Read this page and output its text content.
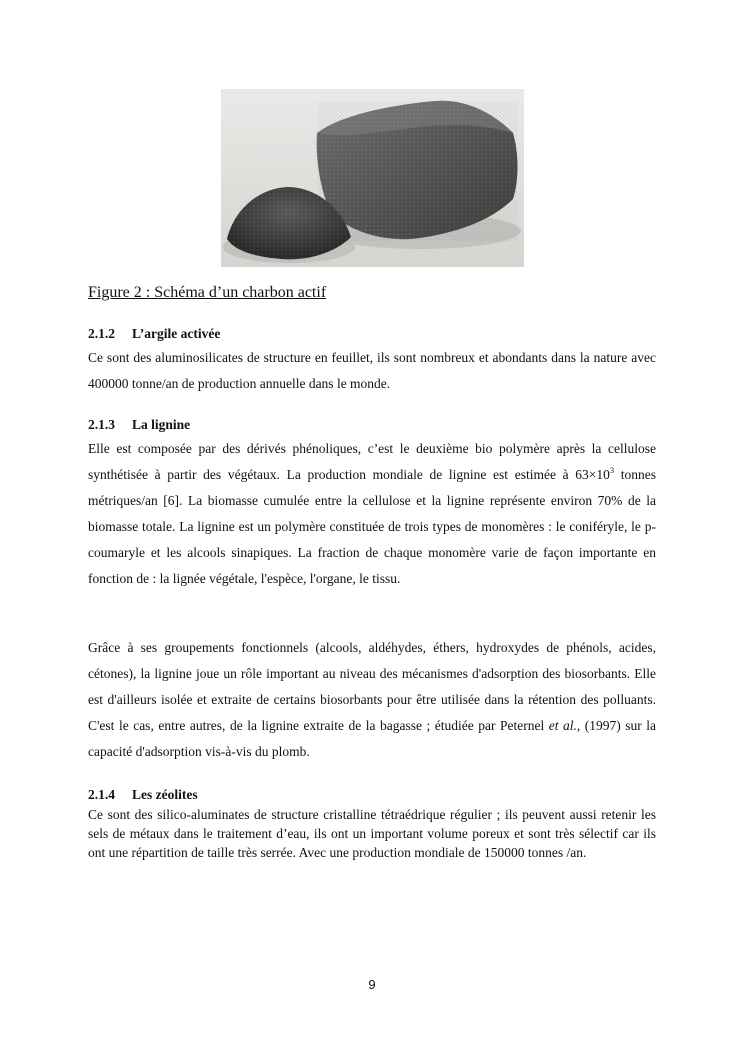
Figure 2 : Schéma d’un charbon actif

2.1.2 L’argile activée

Ce sont des aluminosilicates de structure en feuillet, ils sont nombreux et abondants dans la nature avec 400000 tonne/an de production annuelle dans le monde.

2.1.3 La lignine

Elle est composée par des dérivés phénoliques, c’est le deuxième bio polymère après la cellulose synthétisée à partir des végétaux. La production mondiale de lignine est estimée à $63\times 10^3$ tonnes métriques/an [6]. La biomasse cumulée entre la cellulose et la lignine représente environ 70% de la biomasse totale. La lignine est un polymère constituée de trois types de monomères : le coniféryle, le p-coumaryle et les alcools sinapiques. La fraction de chaque monomère varie de façon importante en fonction de : la lignée végétale, l'espèce, l'organe, le tissu.

Grâce à ses groupements fonctionnels (alcools, aldéhydes, éthers, hydroxydes de phénols, acides, cétones), la lignine joue un rôle important au niveau des mécanismes d'adsorption des biosorbants. Elle est d'ailleurs isolée et extraite de certains biosorbants pour être utilisée dans la rétention des polluants. C'est le cas, entre autres, de la lignine extraite de la bagasse ; étudiée par Peternel et al., (1997) sur la capacité d'adsorption vis-à-vis du plomb.

2.1.4 Les zéolites

Ce sont des silico-aluminates de structure cristalline tétraédrique régulier ; ils peuvent aussi retenir les sels de métaux dans le traitement d’eau, ils ont un important volume poreux et sont très sélectif car ils ont une répartition de taille très serrée. Avec une production mondiale de 150000 tonnes /an.

9
